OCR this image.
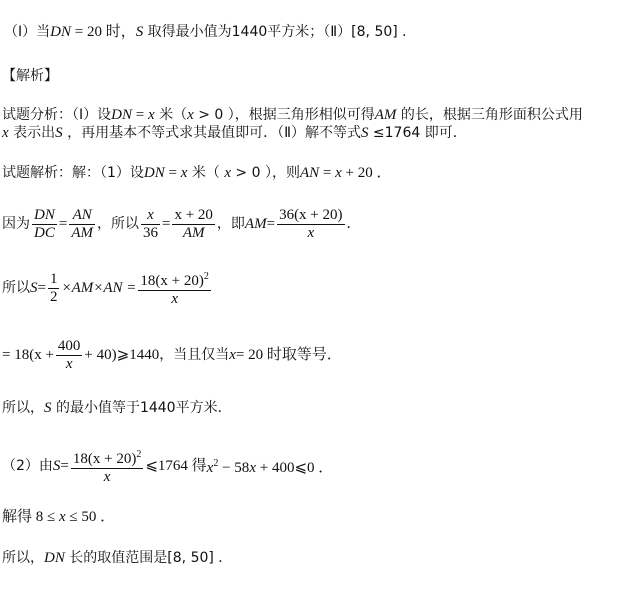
（Ⅰ）当DN = 20 时，S 取得最小值为1440平方米；（Ⅱ）[8, 50] ．
【解析】
试题分析：（Ⅰ）设DN = x 米（x > 0 ），根据三角形相似可得AM 的长，根据三角形面积公式用
x 表示出S ，再用基本不等式求其最值即可．（Ⅱ）解不等式S ≤1764 即可．
试题解析：解：（1）设DN = x 米（ x > 0 ），则AN = x + 20 ．
因为 $\frac{DN}{DC} = \frac{AN}{AM}$ ，所以 $\frac{x}{36} = \frac{x + 20}{AM}$ ，即$AM= \frac{36(x + 20)}{x}$ ．
所以$S= \frac{1}{2} \times AM\times AN = \frac{18(x + 20)^2}{x}$
= $18(x + \frac{400}{x}$ + 40)⩾1440，当且仅当x= 20 时取等号．
所以，S 的最小值等于1440平方米．
（2）由$S= \frac{18(x + 20)^2}{x}$ ⩽1764 得$x^2 - 58x$ + 400⩽0 ．
解得 8 ≤ x ≤ 50 ．
所以，DN 长的取值范围是[8, 50] ．
